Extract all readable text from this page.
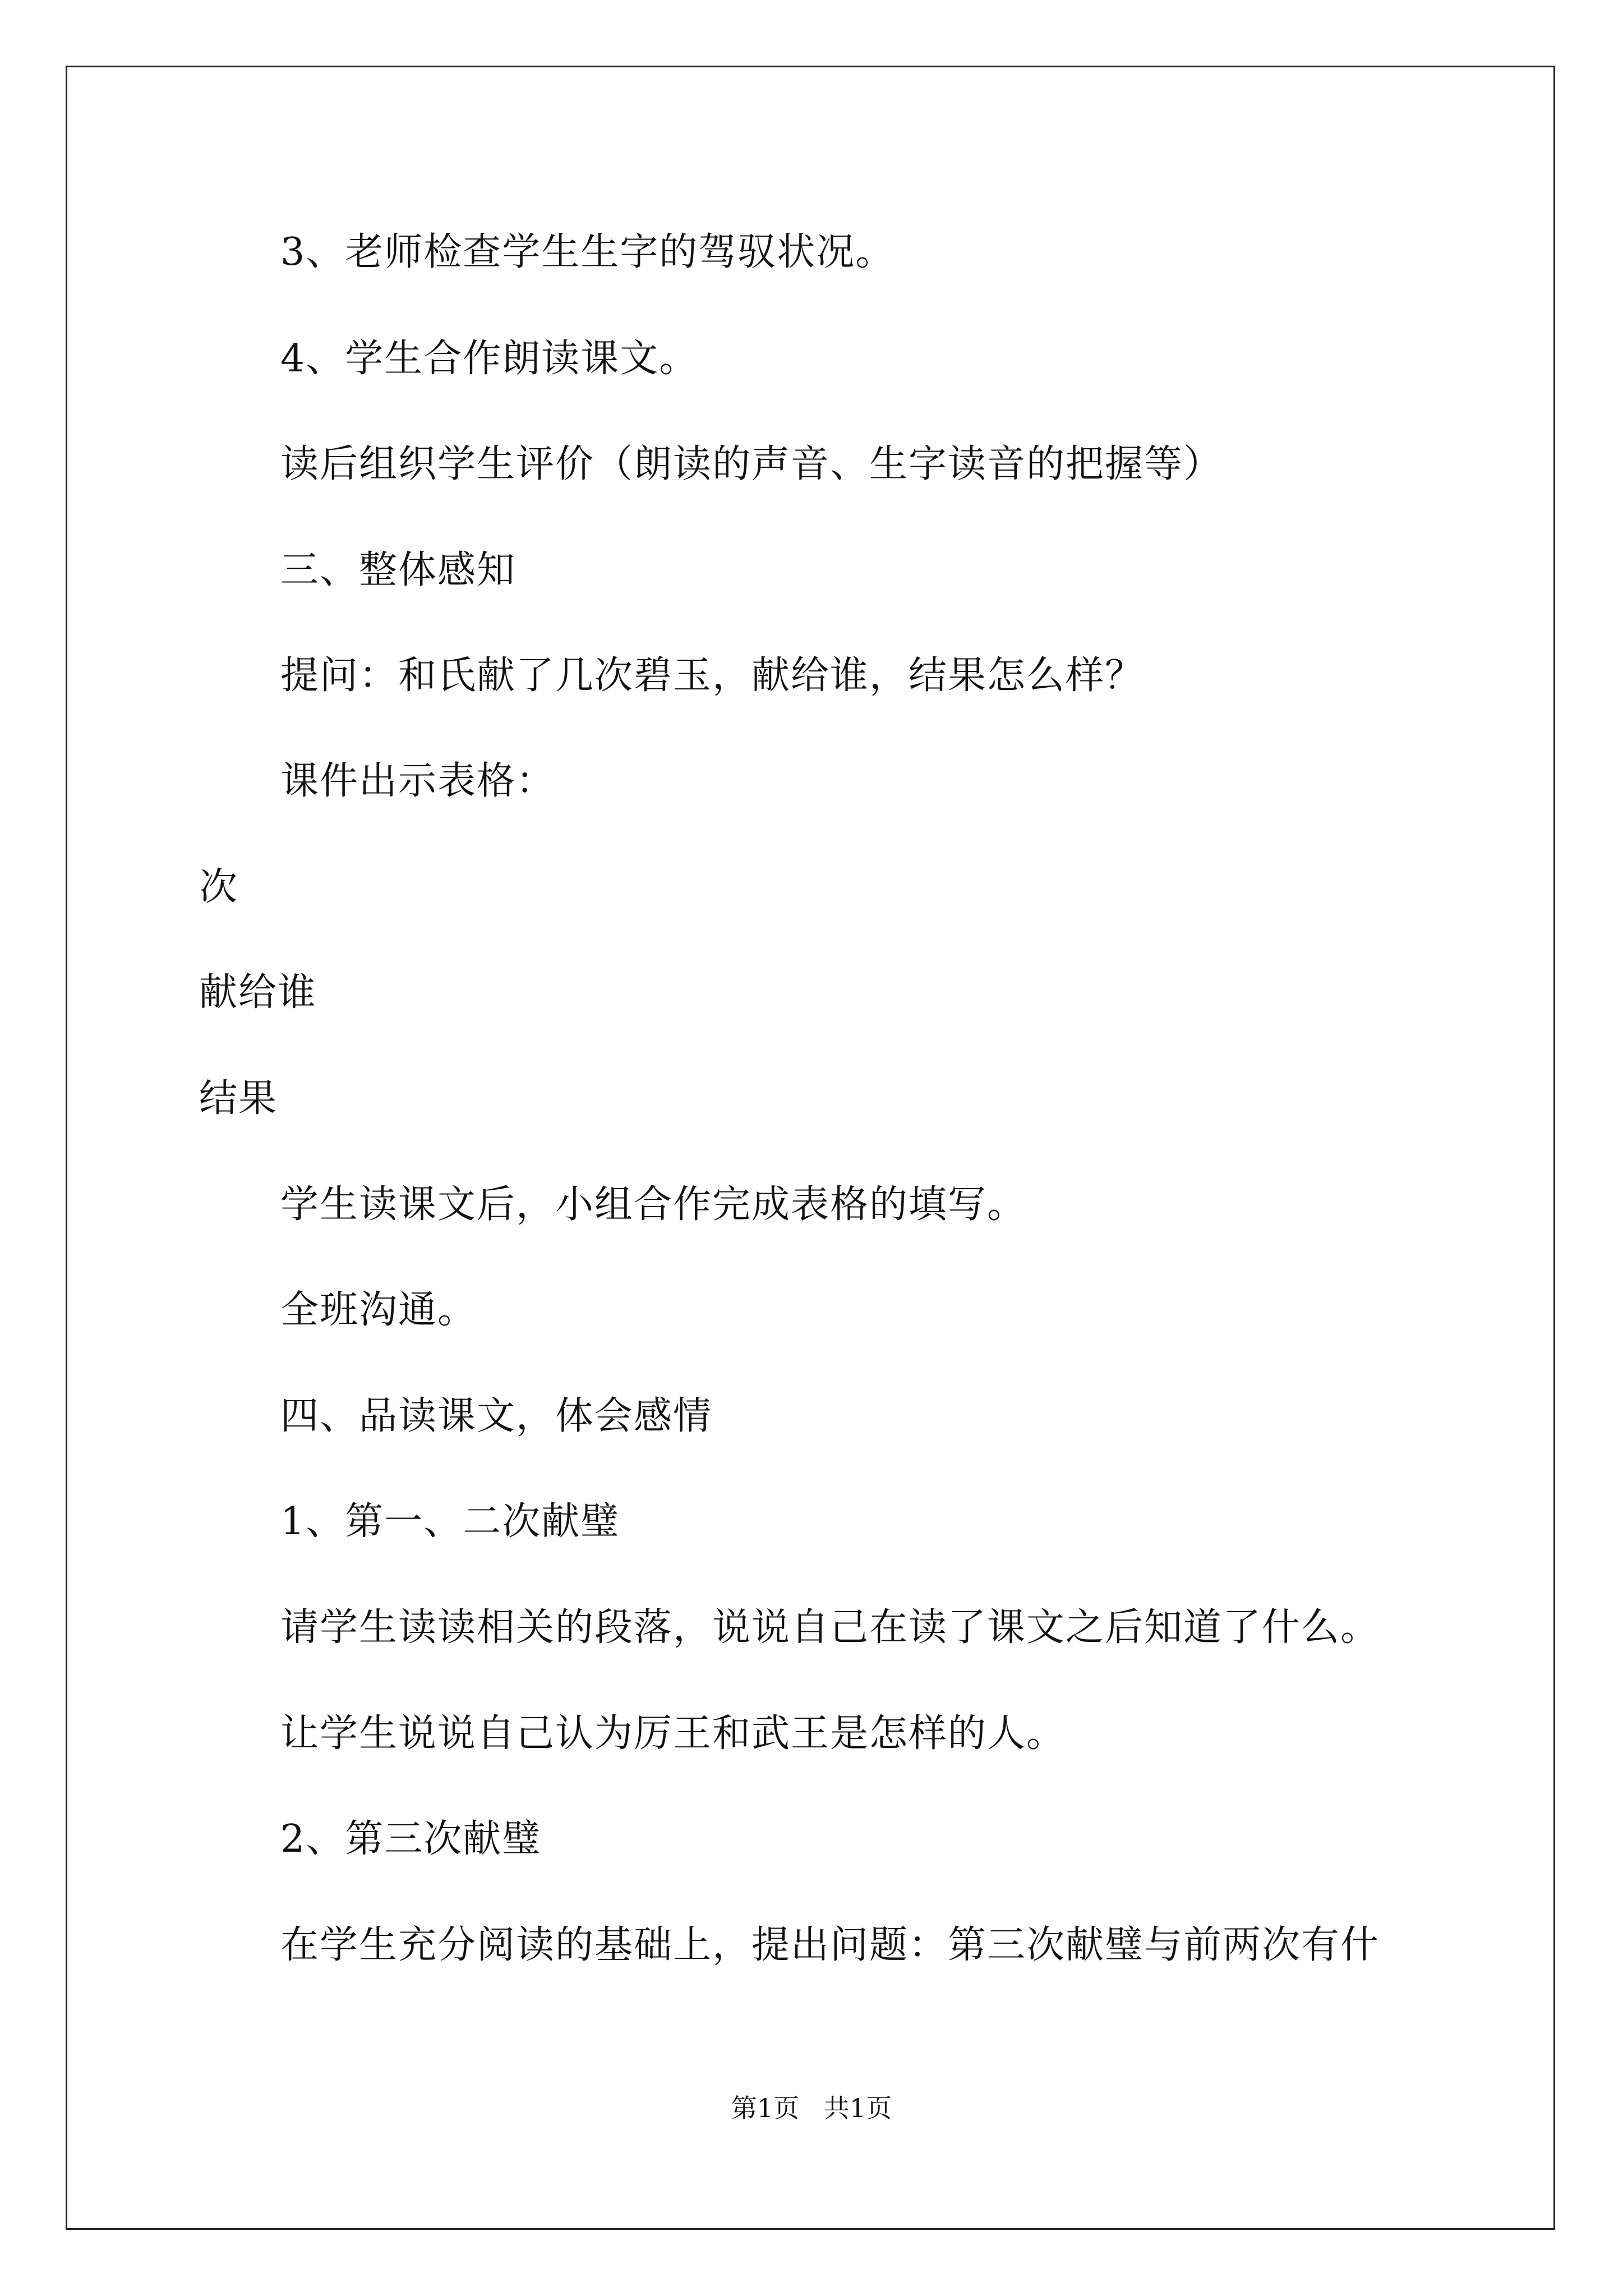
3、老师检查学生生字的驾驭状况。
4、学生合作朗读课文。
读后组织学生评价（朗读的声音、生字读音的把握等）
三、整体感知
提问：和氏献了几次碧玉，献给谁，结果怎么样？
课件出示表格：
次
献给谁
结果
学生读课文后，小组合作完成表格的填写。
全班沟通。
四、品读课文，体会感情
1、第一、二次献璧
请学生读读相关的段落，说说自己在读了课文之后知道了什么。
让学生说说自己认为厉王和武王是怎样的人。
2、第三次献璧
在学生充分阅读的基础上，提出问题：第三次献璧与前两次有什
第1页   共1页
